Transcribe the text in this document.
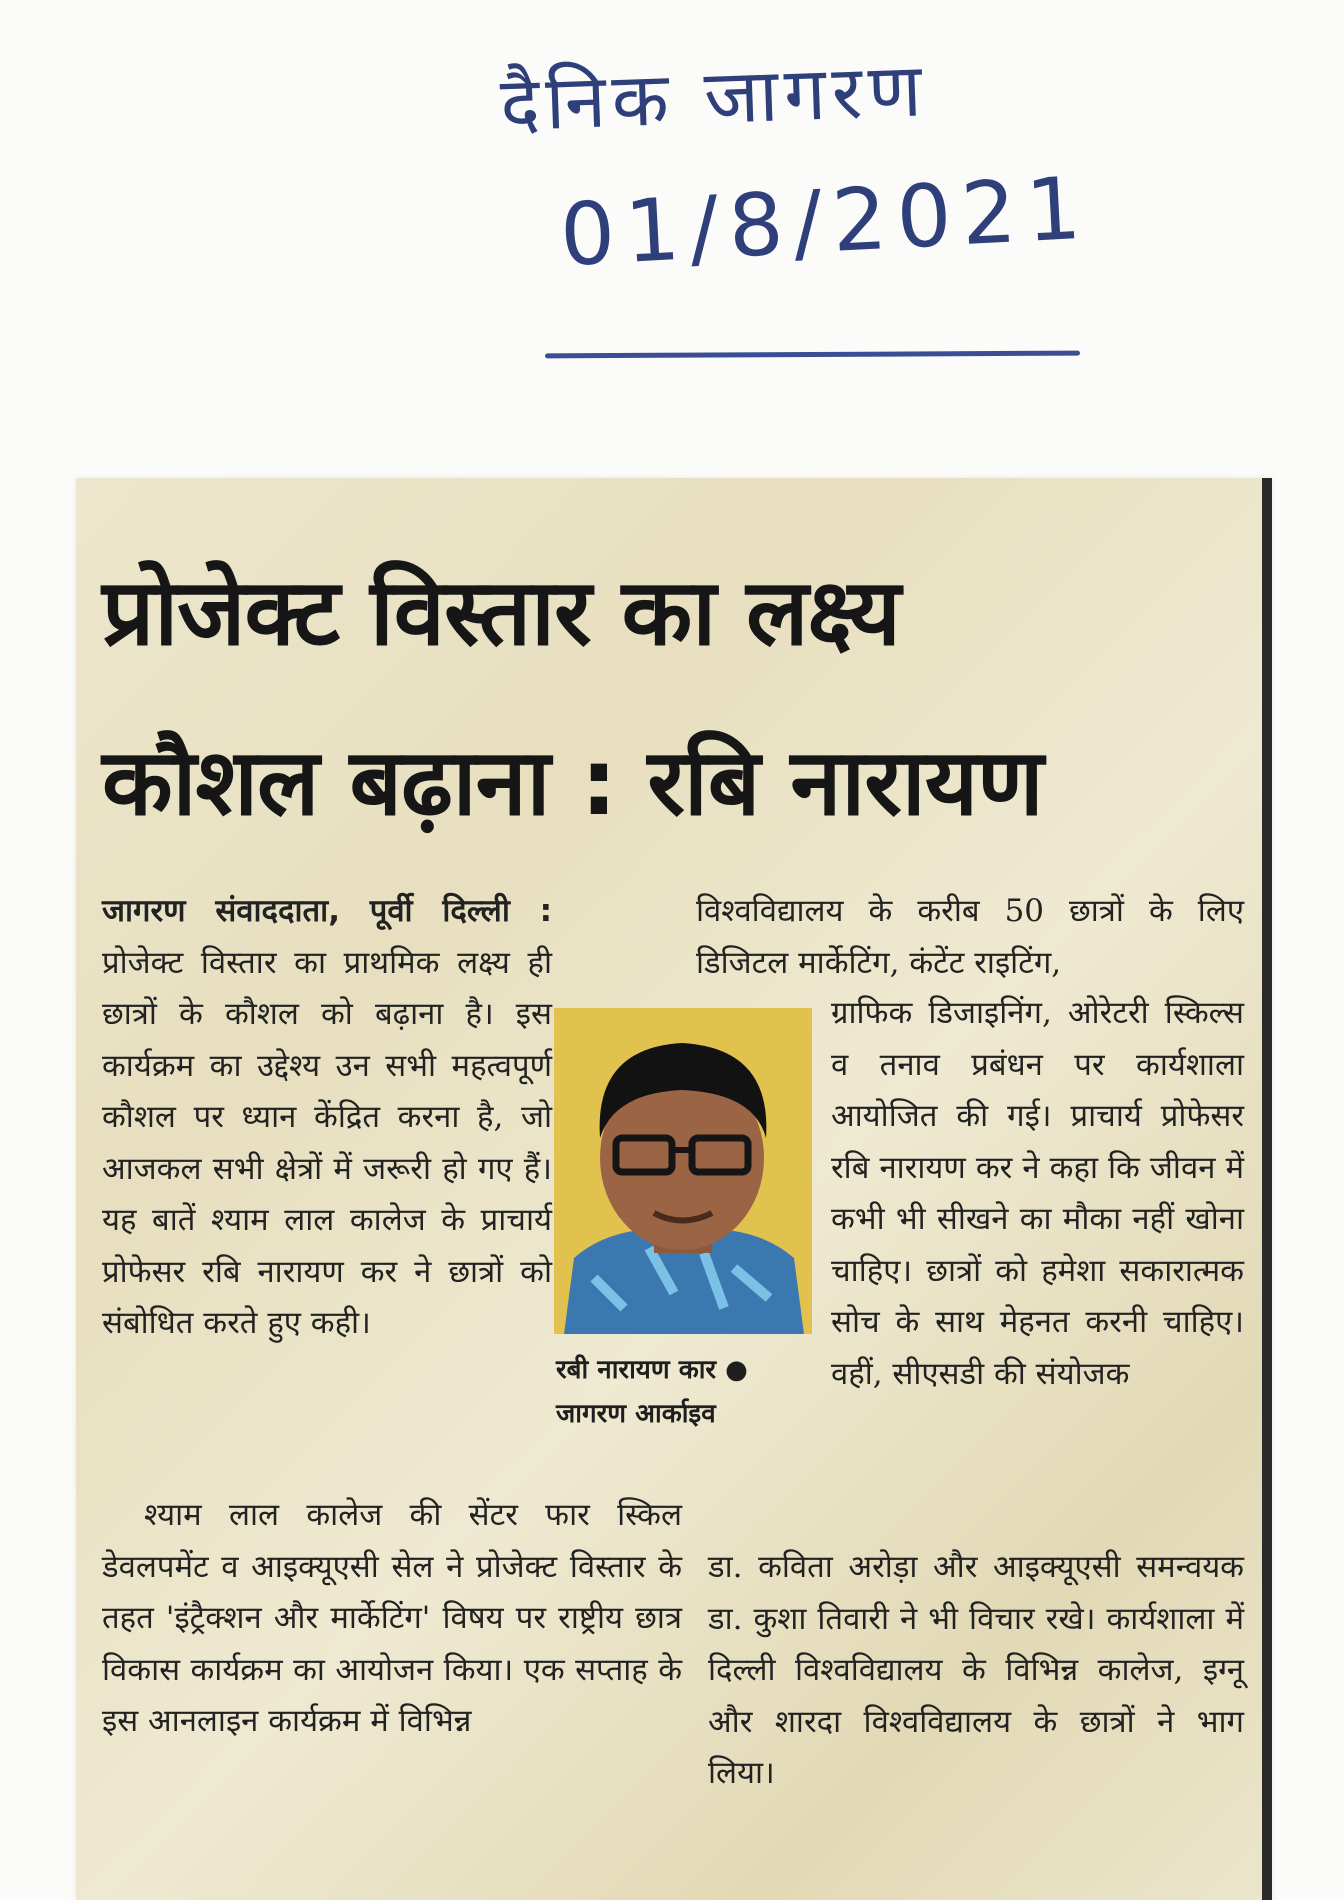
दैनिक जागरण
01/8/2021
प्रोजेक्ट विस्तार का लक्ष्य
कौशल बढ़ाना : रबि नारायण

जागरण संवाददाता, पूर्वी दिल्ली : प्रोजेक्ट विस्तार का प्राथमिक लक्ष्य ही छात्रों के कौशल को बढ़ाना है। इस कार्यक्रम का उद्देश्य उन सभी महत्वपूर्ण कौशल पर ध्यान केंद्रित करना है, जो आजकल सभी क्षेत्रों में जरूरी हो गए हैं। यह बातें श्याम लाल कालेज के प्राचार्य प्रोफेसर रबि नारायण कर ने छात्रों को संबोधित करते हुए कही।

रबी नारायण कार ●
जागरण आर्काइव

श्याम लाल कालेज की सेंटर फार स्किल डेवलपमेंट व आइक्यूएसी सेल ने प्रोजेक्ट विस्तार के तहत 'इंट्रैक्शन और मार्केटिंग' विषय पर राष्ट्रीय छात्र विकास कार्यक्रम का आयोजन किया। एक सप्ताह के इस आनलाइन कार्यक्रम में विभिन्न

विश्वविद्यालय के करीब 50 छात्रों के लिए डिजिटल मार्केटिंग, कंटेंट राइटिंग,

ग्राफिक डिजाइनिंग, ओरेटरी स्किल्स व तनाव प्रबंधन पर कार्यशाला आयोजित की गई। प्राचार्य प्रोफेसर रबि नारायण कर ने कहा कि जीवन में कभी भी सीखने का मौका नहीं खोना चाहिए। छात्रों को हमेशा सकारात्मक सोच के साथ मेहनत करनी चाहिए। वहीं, सीएसडी की संयोजक

डा. कविता अरोड़ा और आइक्यूएसी समन्वयक डा. कुशा तिवारी ने भी विचार रखे। कार्यशाला में दिल्ली विश्वविद्यालय के विभिन्न कालेज, इग्नू और शारदा विश्वविद्यालय के छात्रों ने भाग लिया।
